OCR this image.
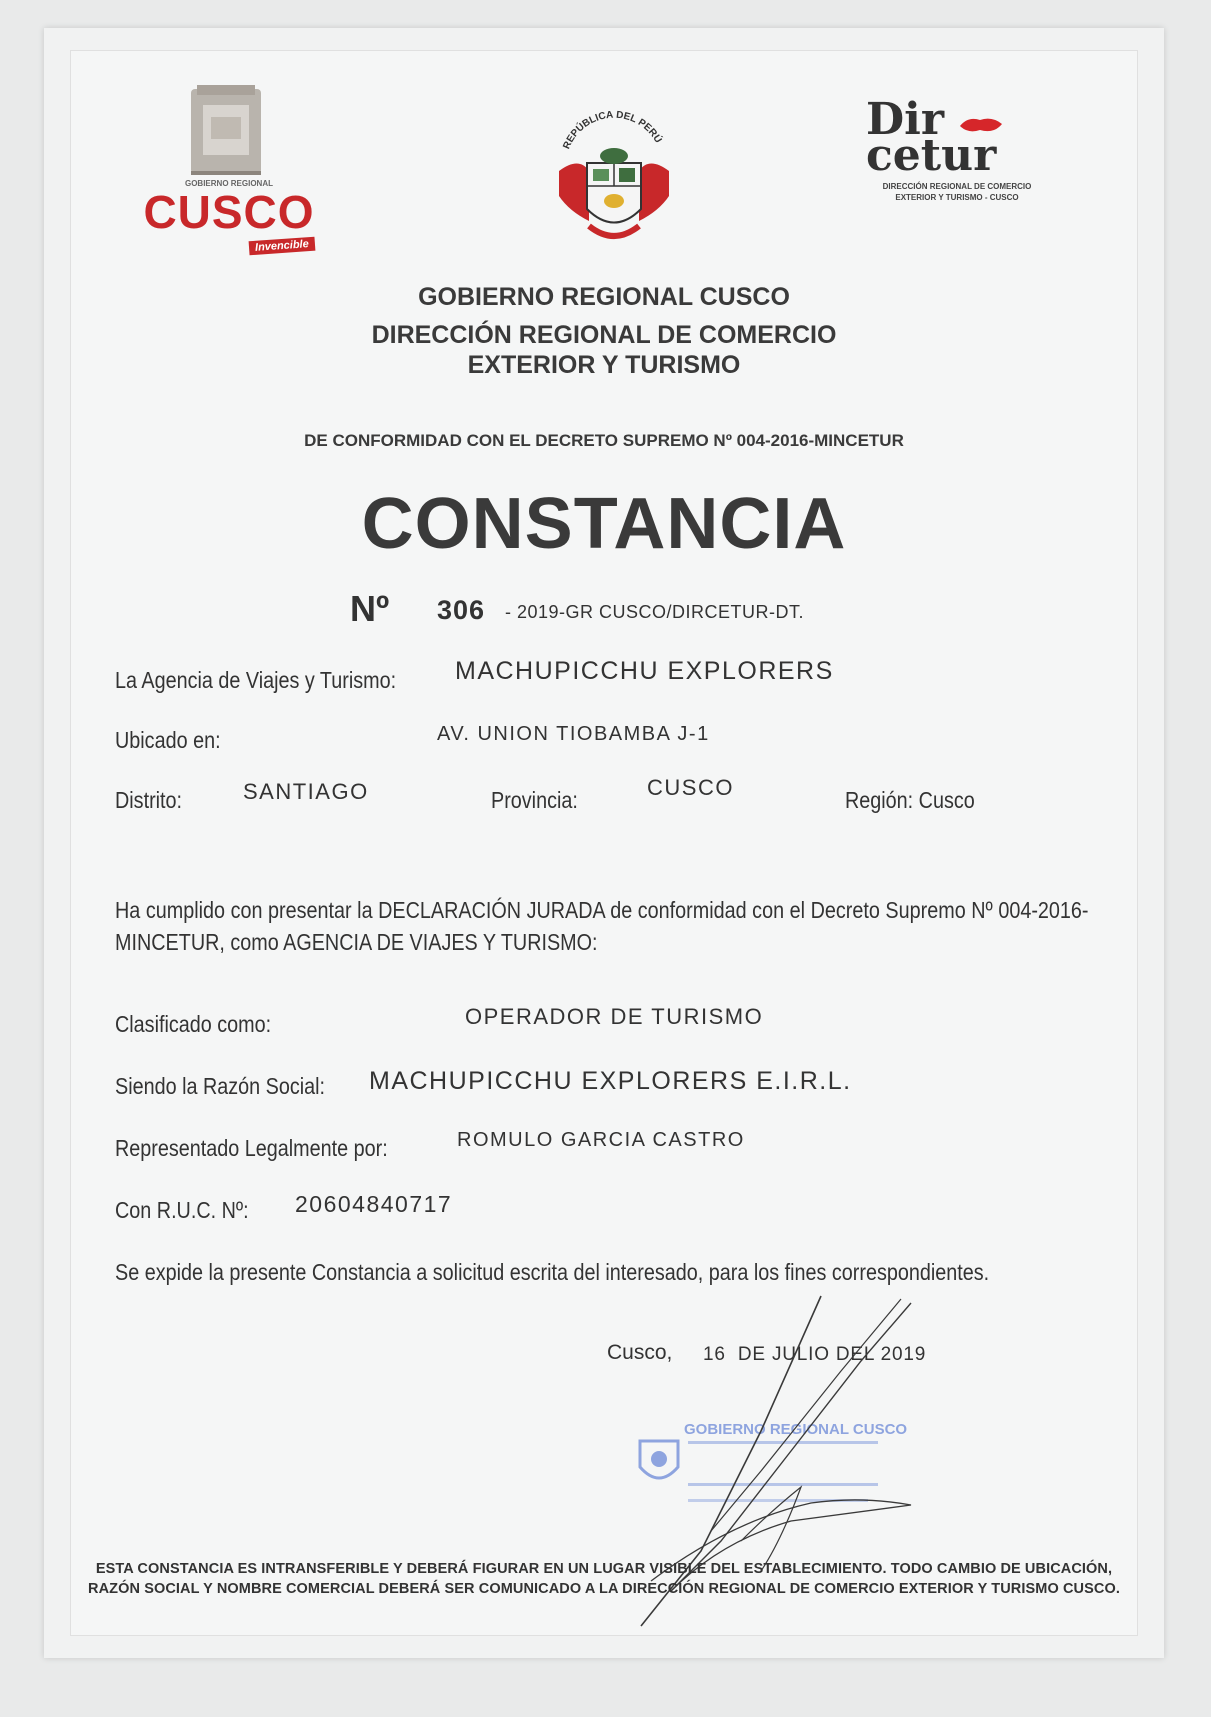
GOBIERNO REGIONAL
CUSCO
Invencible
REPÚBLICA DEL PERÚ	Dir
cetur
DIRECCIÓN REGIONAL DE COMERCIO
EXTERIOR Y TURISMO - CUSCO
GOBIERNO REGIONAL CUSCO
DIRECCIÓN REGIONAL DE COMERCIO
EXTERIOR Y TURISMO
DE CONFORMIDAD CON EL DECRETO SUPREMO Nº 004-2016-MINCETUR
CONSTANCIA
Nº 306 - 2019-GR CUSCO/DIRCETUR-DT.
La Agencia de Viajes y Turismo: MACHUPICCHU EXPLORERS
Ubicado en:	AV. UNION TIOBAMBA J-1
Distrito:	SANTIAGO	Provincia:	CUSCO	Región: Cusco
Ha cumplido con presentar la DECLARACIÓN JURADA de conformidad con el Decreto Supremo Nº 004-2016-MINCETUR, como AGENCIA DE VIAJES Y TURISMO:
Clasificado como:	OPERADOR DE TURISMO
Siendo la Razón Social: MACHUPICCHU EXPLORERS E.I.R.L.
Representado Legalmente por:	ROMULO GARCIA CASTRO
Con R.U.C. Nº: 20604840717
Se expide la presente Constancia a solicitud escrita del interesado, para los fines correspondientes.
Cusco, 16  DE JULIO DEL 2019
GOBIERNO REGIONAL CUSCO
ESTA CONSTANCIA ES INTRANSFERIBLE Y DEBERÁ FIGURAR EN UN LUGAR VISIBLE DEL ESTABLECIMIENTO. TODO CAMBIO DE UBICACIÓN,
RAZÓN SOCIAL Y NOMBRE COMERCIAL DEBERÁ SER COMUNICADO A LA DIRECCIÓN REGIONAL DE COMERCIO EXTERIOR Y TURISMO CUSCO.
